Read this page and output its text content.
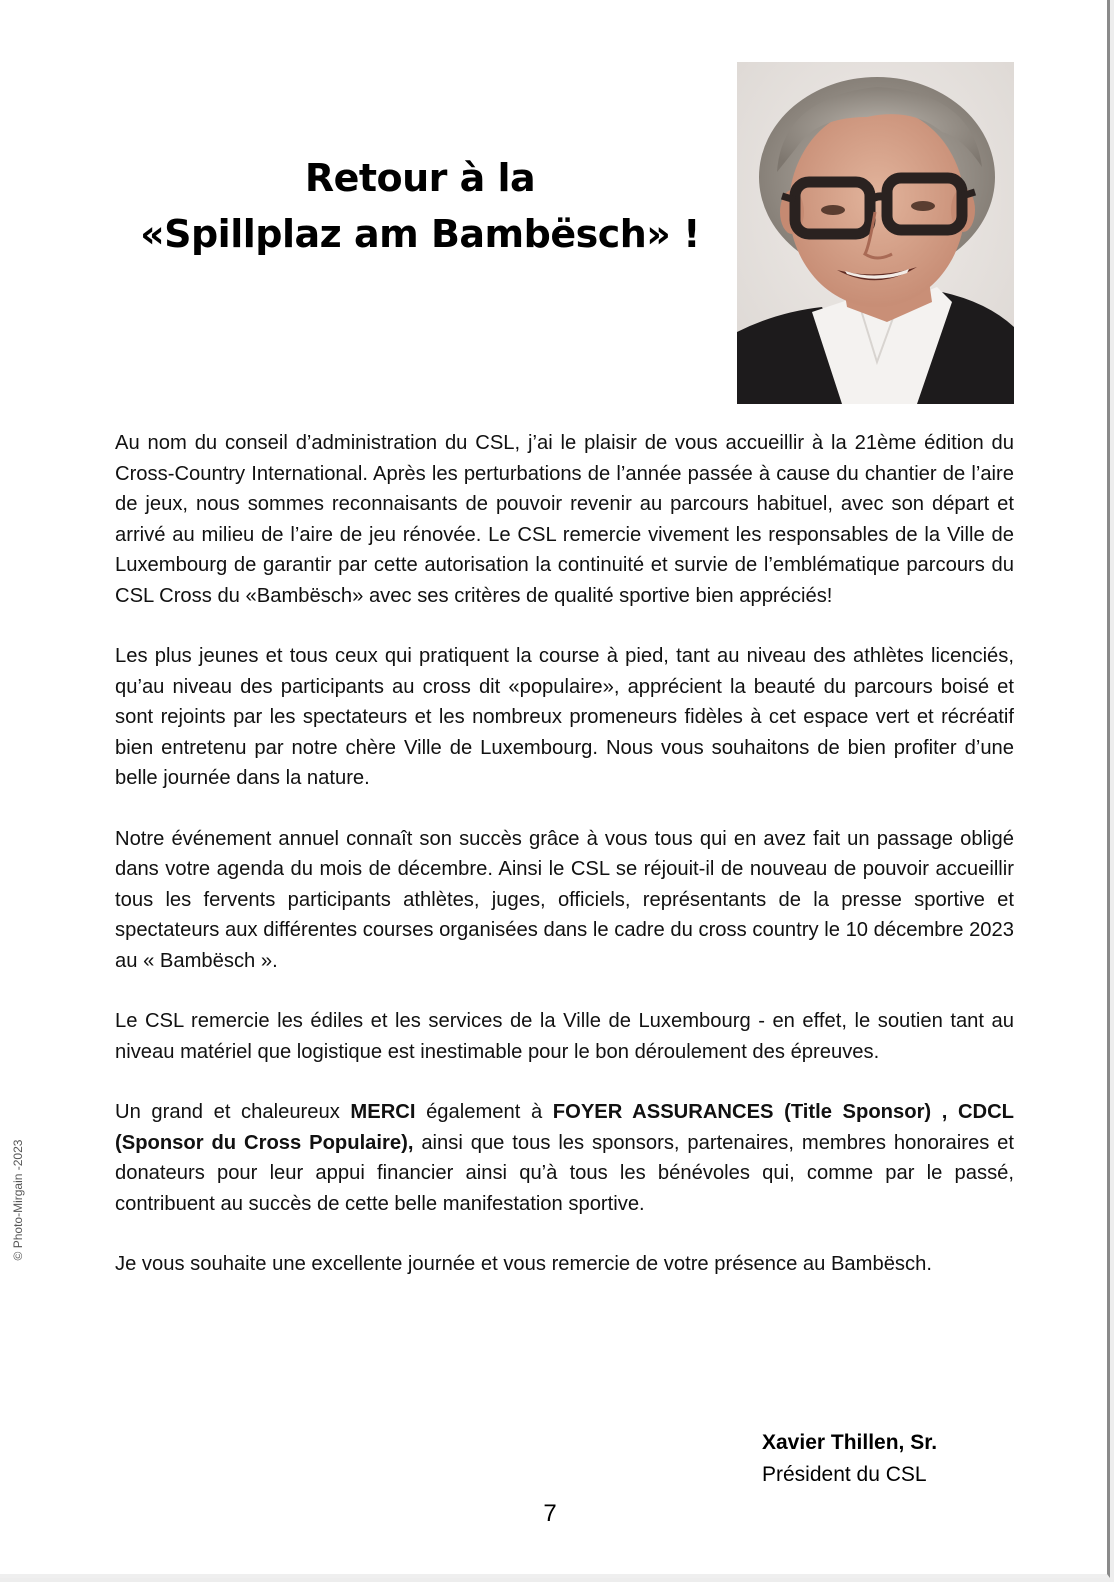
© Photo-Mirgain -2023
Retour à la
«Spillplaz am Bambësch» !

Au nom du conseil d’administration du CSL, j’ai le plaisir de vous accueillir à la 21ème édition du Cross-Country International. Après les perturbations de l’année passée à cause du chantier de l’aire de jeux, nous sommes reconnaisants de pouvoir revenir au parcours habituel, avec son départ et arrivé au milieu de l’aire de jeu rénovée. Le CSL remercie vivement les responsables de la Ville de Luxembourg de garantir par cette autorisation la continuité et survie de l’emblématique parcours du CSL Cross du «Bambësch» avec ses critères de qualité sportive bien appréciés!

Les plus jeunes et tous ceux qui pratiquent la course à pied, tant au niveau des athlètes licenciés, qu’au niveau des participants au cross dit «populaire», apprécient la beauté du parcours boisé et sont rejoints par les spectateurs et les nombreux promeneurs fidèles à cet espace vert et récréatif bien entretenu par notre chère Ville de Luxembourg. Nous vous souhaitons de bien profiter d’une belle journée dans la nature.

Notre événement annuel connaît son succès grâce à vous tous qui en avez fait un passage obligé dans votre agenda du mois de décembre. Ainsi le CSL se réjouit-il de nouveau de pouvoir accueillir tous les fervents participants athlètes, juges, officiels, représentants de la presse sportive et spectateurs aux différentes courses organisées dans le cadre du cross country le 10 décembre 2023 au « Bambësch ».

Le CSL remercie les édiles et les services de la Ville de Luxembourg - en effet, le soutien tant au niveau matériel que logistique est inestimable pour le bon déroulement des épreuves.

Un grand et chaleureux MERCI également à FOYER ASSURANCES (Title Sponsor) , CDCL (Sponsor du Cross Populaire), ainsi que tous les sponsors, partenaires, membres honoraires et donateurs pour leur appui financier ainsi qu’à tous les bénévoles qui, comme par le passé, contribuent au succès de cette belle manifestation sportive.

Je vous souhaite une excellente journée et vous remercie de votre présence au Bambësch.

Xavier Thillen, Sr.
Président du CSL
7
